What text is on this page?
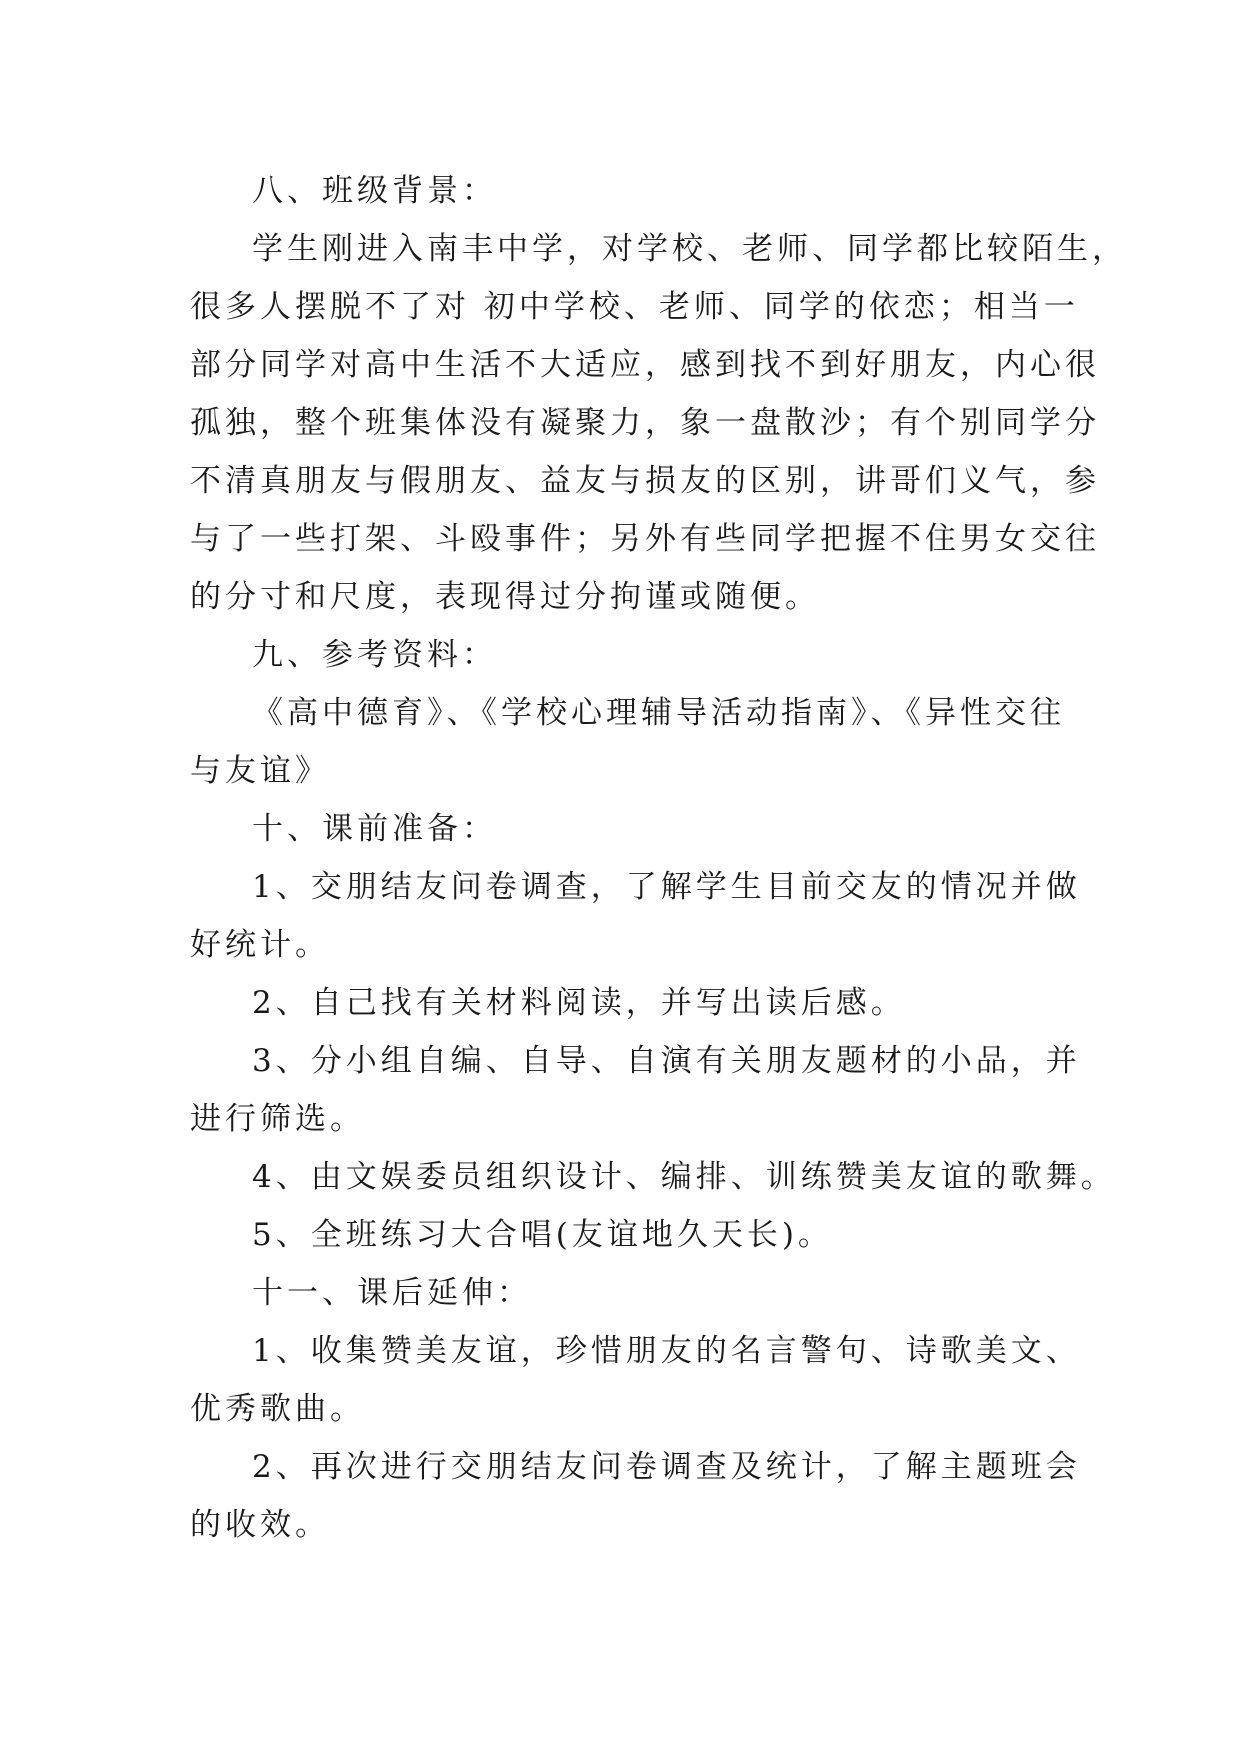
八、班级背景：
学生刚进入南丰中学，对学校、老师、同学都比较陌生，
很多人摆脱不了对 初中学校、老师、同学的依恋；相当一
部分同学对高中生活不大适应，感到找不到好朋友，内心很
孤独，整个班集体没有凝聚力，象一盘散沙；有个别同学分
不清真朋友与假朋友、益友与损友的区别，讲哥们义气，参
与了一些打架、斗殴事件；另外有些同学把握不住男女交往
的分寸和尺度，表现得过分拘谨或随便。
九、参考资料：
《高中德育》、《学校心理辅导活动指南》、《异性交往
与友谊》
十、课前准备：
1、交朋结友问卷调查，了解学生目前交友的情况并做
好统计。
2、自己找有关材料阅读，并写出读后感。
3、分小组自编、自导、自演有关朋友题材的小品，并
进行筛选。
4、由文娱委员组织设计、编排、训练赞美友谊的歌舞。
5、全班练习大合唱(友谊地久天长)。
十一、课后延伸：
1、收集赞美友谊，珍惜朋友的名言警句、诗歌美文、
优秀歌曲。
2、再次进行交朋结友问卷调查及统计，了解主题班会
的收效。
